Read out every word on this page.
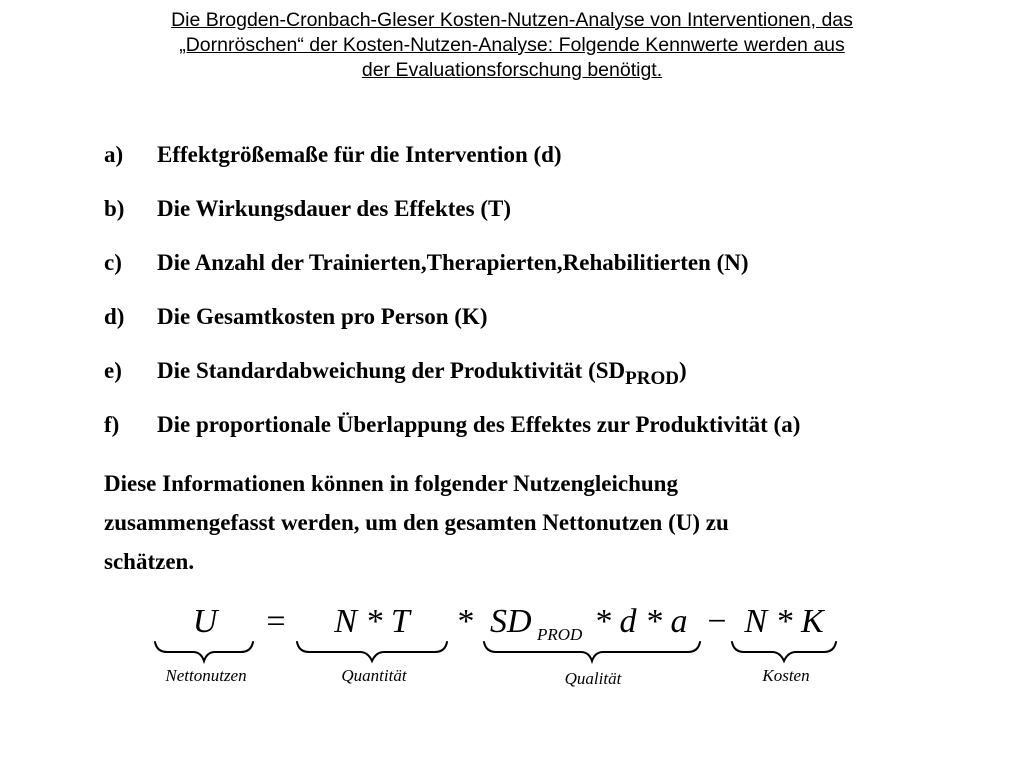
Die Brogden-Cronbach-Gleser Kosten-Nutzen-Analyse von Interventionen, das
„Dornröschen“ der Kosten-Nutzen-Analyse: Folgende Kennwerte werden aus
der Evaluationsforschung benötigt.
a) Effektgrößemaße für die Intervention (d)
b) Die Wirkungsdauer des Effektes (T)
c) Die Anzahl der Trainierten,Therapierten,Rehabilitierten (N)
d) Die Gesamtkosten pro Person (K)
e) Die Standardabweichung der Produktivität $(SD_{PROD})$
f) Die proportionale Überlappung des Effektes zur Produktivität (a)

Diese Informationen können in folgender Nutzengleichung
zusammengefasst werden, um den gesamten Nettonutzen (U) zu
schätzen.

U = N * T * SD PROD * d * a − N * K
Nettonutzen	Quantität	Qualität	Kosten
